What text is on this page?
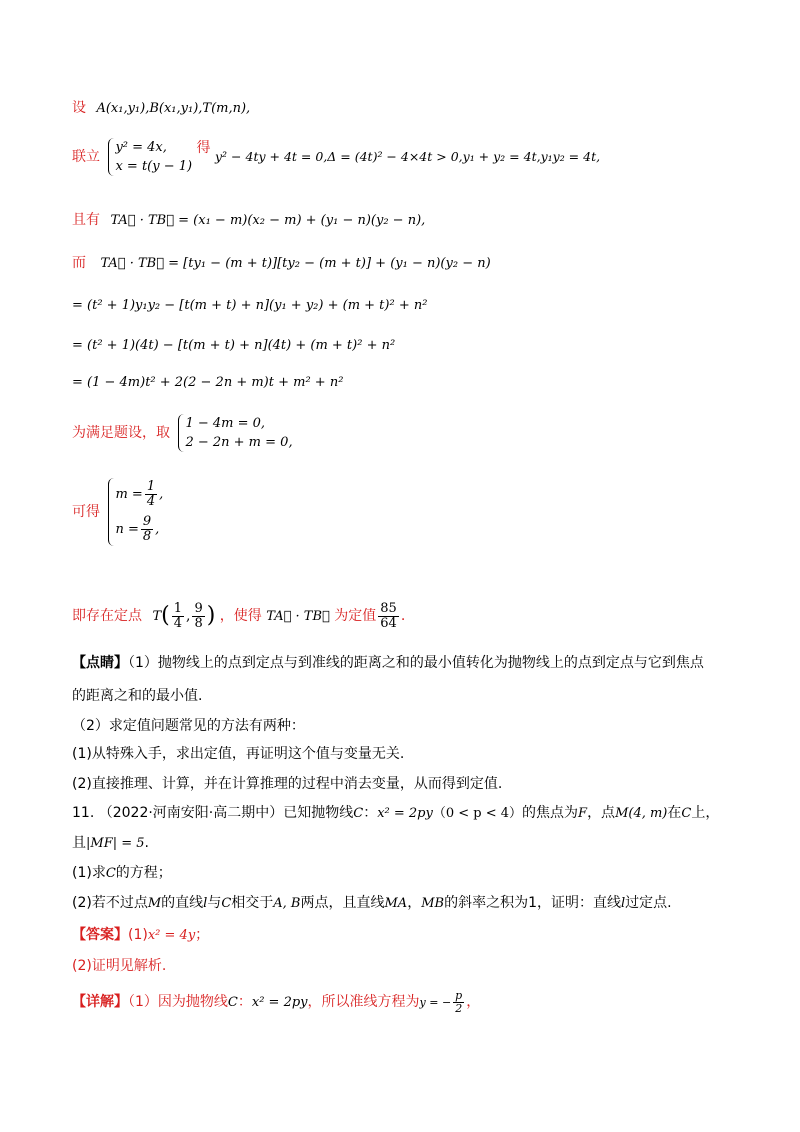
设 A(x₁,y₁),B(x₁,y₁),T(m,n),
联立
y² = 4x,
x = t(y − 1)
得 y² − 4ty + 4t = 0,Δ = (4t)² − 4×4t > 0,y₁ + y₂ = 4t,y₁y₂ = 4t,
且有 TA⃗ · TB⃗ = (x₁ − m)(x₂ − m) + (y₁ − n)(y₂ − n),
而 TA⃗ · TB⃗ = [ty₁ − (m + t)][ty₂ − (m + t)] + (y₁ − n)(y₂ − n)
= (t² + 1)y₁y₂ − [t(m + t) + n](y₁ + y₂) + (m + t)² + n²
= (t² + 1)(4t) − [t(m + t) + n](4t) + (m + t)² + n²
= (1 − 4m)t² + 2(2 − 2n + m)t + m² + n²
为满足题设，取
1 − 4m = 0,
2 − 2n + m = 0,
可得
$m = \frac{1}{4}$ ,
$n = \frac{9}{8}$ ,
即存在定点 $T( \frac{1}{4}$ , $\frac{9}{8}$ ) ，使得 TA⃗ · TB⃗ 为定值 $\frac{85}{64}$ .
【点睛】（1）抛物线上的点到定点与到准线的距离之和的最小值转化为抛物线上的点到定点与它到焦点
的距离之和的最小值.
（2）求定值问题常见的方法有两种：
(1)从特殊入手，求出定值，再证明这个值与变量无关.
(2)直接推理、计算，并在计算推理的过程中消去变量，从而得到定值.
11. （2022·河南安阳·高二期中）已知抛物线C：x² = 2py（0 < p < 4）的焦点为F，点M(4, m)在C上，
且|MF| = 5.
(1)求C的方程；
(2)若不过点M的直线l与C相交于A, B两点，且直线MA，MB的斜率之积为1，证明：直线l过定点.
【答案】(1)x² = 4y；
(2)证明见解析.
【详解】（1）因为抛物线C：x² = 2py，所以准线方程为y = − $\frac{p}{2}$ ，
